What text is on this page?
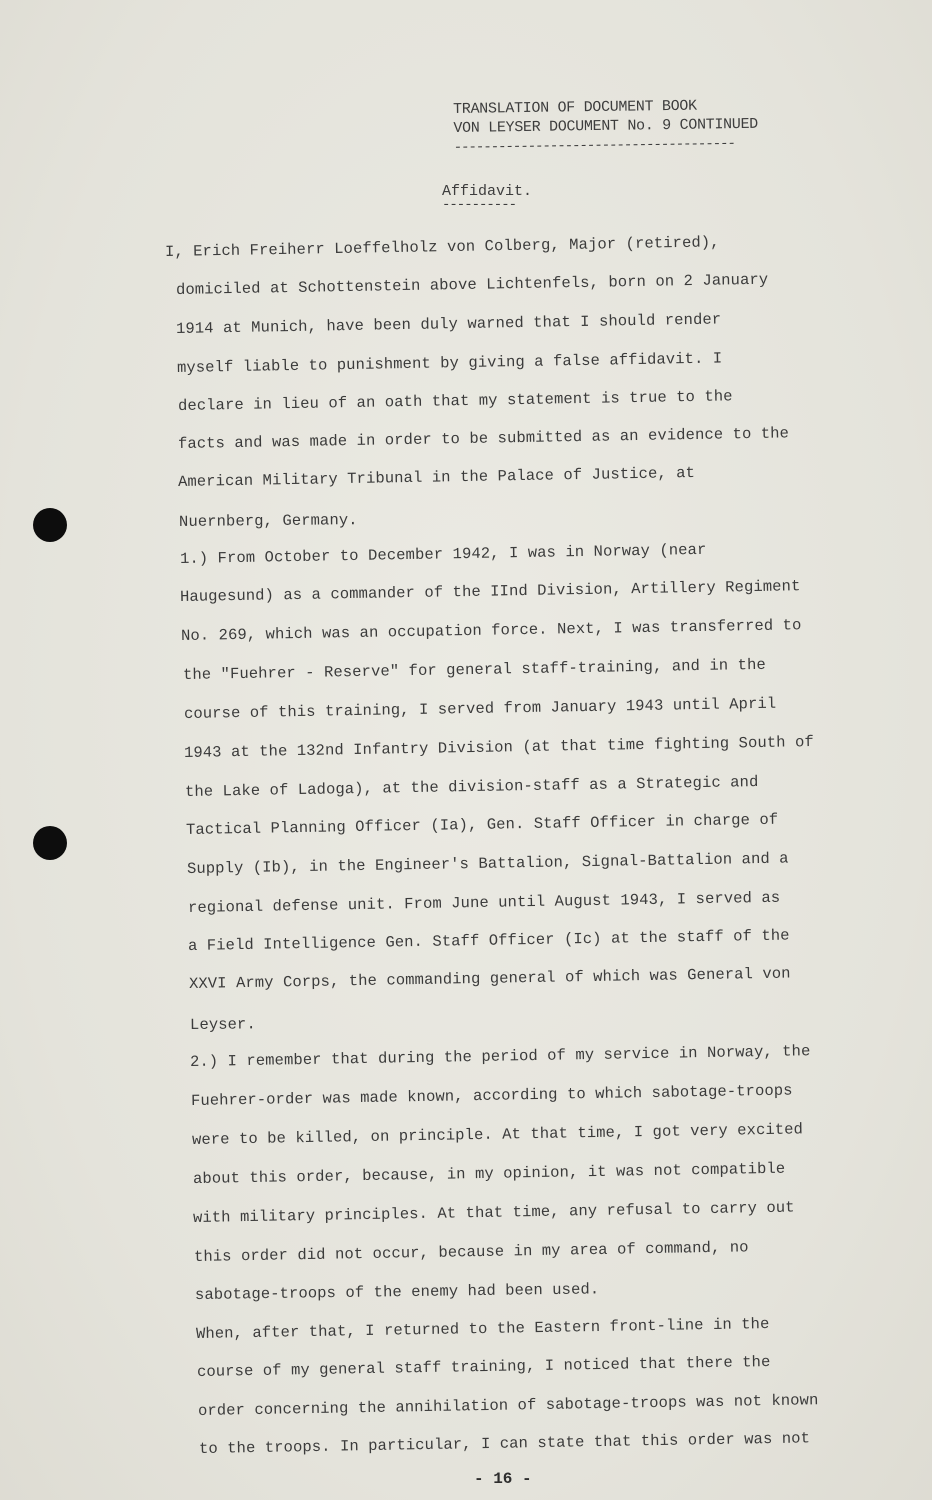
TRANSLATION OF DOCUMENT BOOK
VON LEYSER DOCUMENT No. 9 CONTINUED
--------------------------------------
Affidavit.
----------
I, Erich Freiherr Loeffelholz von Colberg, Major (retired),
domiciled at Schottenstein above Lichtenfels, born on 2 January
1914 at Munich, have been duly warned that I should render
myself liable to punishment by giving a false affidavit. I
declare in lieu of an oath that my statement is true to the
facts and was made in order to be submitted as an evidence to the
American Military Tribunal in the Palace of Justice, at
Nuernberg, Germany.
1.) From October to December 1942, I was in Norway (near
Haugesund) as a commander of the IInd Division, Artillery Regiment
No. 269, which was an occupation force. Next, I was transferred to
the "Fuehrer - Reserve" for general staff-training, and in the
course of this training, I served from January 1943 until April
1943 at the 132nd Infantry Division (at that time fighting South of
the Lake of Ladoga), at the division-staff as a Strategic and
Tactical Planning Officer (Ia), Gen. Staff Officer in charge of
Supply (Ib), in the Engineer's Battalion, Signal-Battalion and a
regional defense unit. From June until August 1943, I served as
a Field Intelligence Gen. Staff Officer (Ic) at the staff of the
XXVI Army Corps, the commanding general of which was General von
Leyser.
2.) I remember that during the period of my service in Norway, the
Fuehrer-order was made known, according to which sabotage-troops
were to be killed, on principle. At that time, I got very excited
about this order, because, in my opinion, it was not compatible
with military principles. At that time, any refusal to carry out
this order did not occur, because in my area of command, no
sabotage-troops of the enemy had been used.
When, after that, I returned to the Eastern front-line in the
course of my general staff training, I noticed that there the
order concerning the annihilation of sabotage-troops was not known
to the troops. In particular, I can state that this order was not
- 16 -
